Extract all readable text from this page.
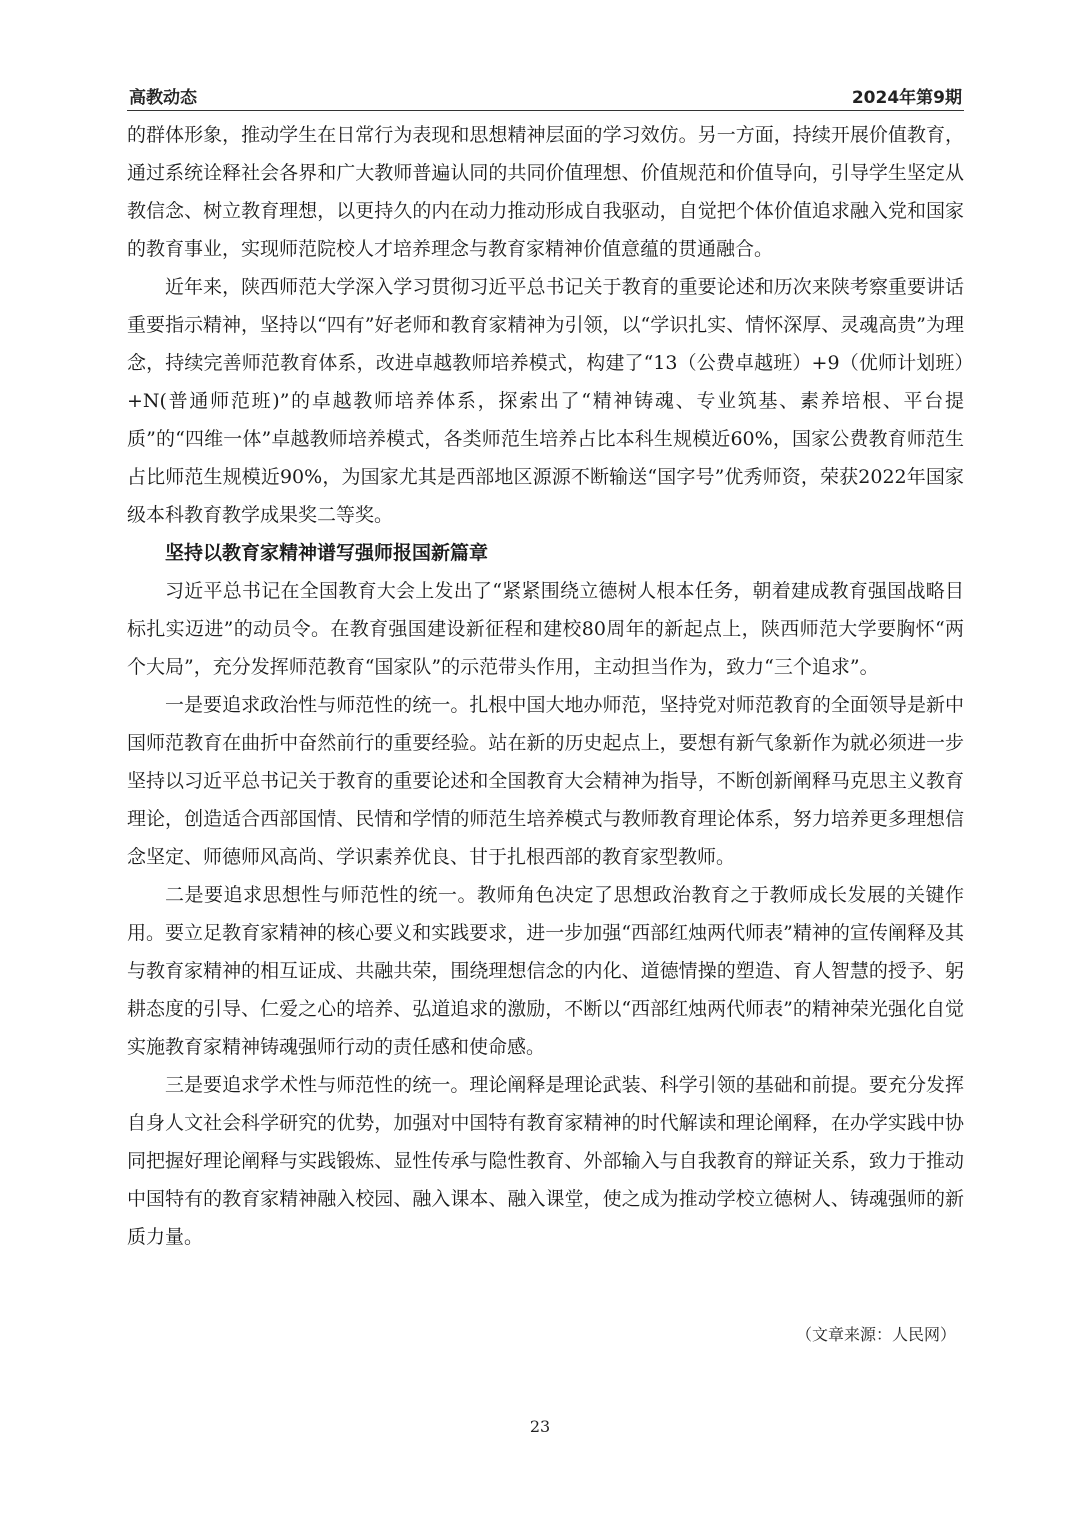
高教动态	2024年第9期

的群体形象，推动学生在日常行为表现和思想精神层面的学习效仿。另一方面，持续开展价值教育，通过系统诠释社会各界和广大教师普遍认同的共同价值理想、价值规范和价值导向，引导学生坚定从教信念、树立教育理想，以更持久的内在动力推动形成自我驱动，自觉把个体价值追求融入党和国家的教育事业，实现师范院校人才培养理念与教育家精神价值意蕴的贯通融合。

近年来，陕西师范大学深入学习贯彻习近平总书记关于教育的重要论述和历次来陕考察重要讲话重要指示精神，坚持以“四有”好老师和教育家精神为引领，以“学识扎实、情怀深厚、灵魂高贵”为理念，持续完善师范教育体系，改进卓越教师培养模式，构建了“13（公费卓越班）+9（优师计划班）+N(普通师范班)”的卓越教师培养体系，探索出了“精神铸魂、专业筑基、素养培根、平台提质”的“四维一体”卓越教师培养模式，各类师范生培养占比本科生规模近60%，国家公费教育师范生占比师范生规模近90%，为国家尤其是西部地区源源不断输送“国字号”优秀师资，荣获2022年国家级本科教育教学成果奖二等奖。

坚持以教育家精神谱写强师报国新篇章

习近平总书记在全国教育大会上发出了“紧紧围绕立德树人根本任务，朝着建成教育强国战略目标扎实迈进”的动员令。在教育强国建设新征程和建校80周年的新起点上，陕西师范大学要胸怀“两个大局”，充分发挥师范教育“国家队”的示范带头作用，主动担当作为，致力“三个追求”。

一是要追求政治性与师范性的统一。扎根中国大地办师范，坚持党对师范教育的全面领导是新中国师范教育在曲折中奋然前行的重要经验。站在新的历史起点上，要想有新气象新作为就必须进一步坚持以习近平总书记关于教育的重要论述和全国教育大会精神为指导，不断创新阐释马克思主义教育理论，创造适合西部国情、民情和学情的师范生培养模式与教师教育理论体系，努力培养更多理想信念坚定、师德师风高尚、学识素养优良、甘于扎根西部的教育家型教师。

二是要追求思想性与师范性的统一。教师角色决定了思想政治教育之于教师成长发展的关键作用。要立足教育家精神的核心要义和实践要求，进一步加强“西部红烛两代师表”精神的宣传阐释及其与教育家精神的相互证成、共融共荣，围绕理想信念的内化、道德情操的塑造、育人智慧的授予、躬耕态度的引导、仁爱之心的培养、弘道追求的激励，不断以“西部红烛两代师表”的精神荣光强化自觉实施教育家精神铸魂强师行动的责任感和使命感。

三是要追求学术性与师范性的统一。理论阐释是理论武装、科学引领的基础和前提。要充分发挥自身人文社会科学研究的优势，加强对中国特有教育家精神的时代解读和理论阐释，在办学实践中协同把握好理论阐释与实践锻炼、显性传承与隐性教育、外部输入与自我教育的辩证关系，致力于推动中国特有的教育家精神融入校园、融入课本、融入课堂，使之成为推动学校立德树人、铸魂强师的新质力量。

（文章来源：人民网）
23
